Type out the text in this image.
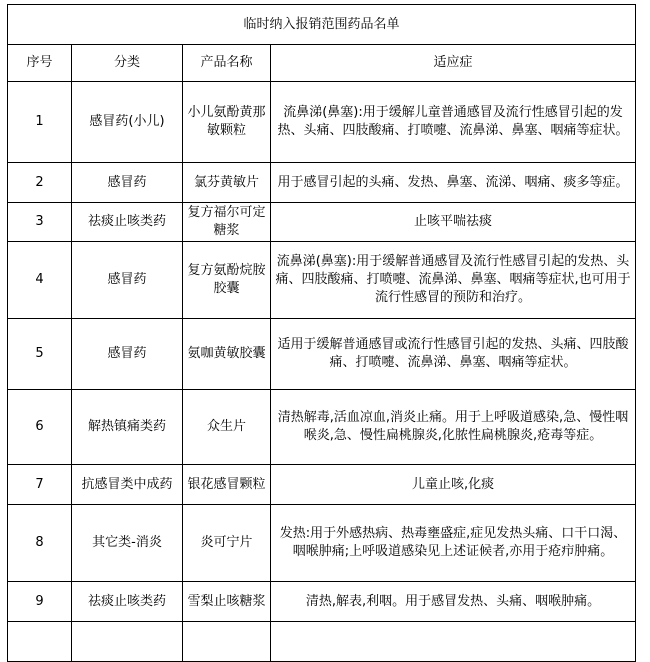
临时纳入报销范围药品名单			
序号	分类	产品名称	适应症
1	感冒药(小儿)	小儿氨酚黄那敏颗粒	流鼻涕(鼻塞):用于缓解儿童普通感冒及流行性感冒引起的发热、头痛、四肢酸痛、打喷嚏、流鼻涕、鼻塞、咽痛等症状。
2	感冒药	氯芬黄敏片	用于感冒引起的头痛、发热、鼻塞、流涕、咽痛、痰多等症。
3	祛痰止咳类药	复方福尔可定糖浆	止咳平喘祛痰
4	感冒药	复方氨酚烷胺胶囊	流鼻涕(鼻塞):用于缓解普通感冒及流行性感冒引起的发热、头痛、四肢酸痛、打喷嚏、流鼻涕、鼻塞、咽痛等症状,也可用于流行性感冒的预防和治疗。
5	感冒药	氨咖黄敏胶囊	适用于缓解普通感冒或流行性感冒引起的发热、头痛、四肢酸痛、打喷嚏、流鼻涕、鼻塞、咽痛等症状。
6	解热镇痛类药	众生片	清热解毒,活血凉血,消炎止痛。用于上呼吸道感染,急、慢性咽喉炎,急、慢性扁桃腺炎,化脓性扁桃腺炎,疮毒等症。
7	抗感冒类中成药	银花感冒颗粒	儿童止咳,化痰
8	其它类-消炎	炎可宁片	发热:用于外感热病、热毒壅盛症,症见发热头痛、口干口渴、咽喉肿痛;上呼吸道感染见上述证候者,亦用于疮疖肿痛。
9	祛痰止咳类药	雪梨止咳糖浆	清热,解表,利咽。用于感冒发热、头痛、咽喉肿痛。
